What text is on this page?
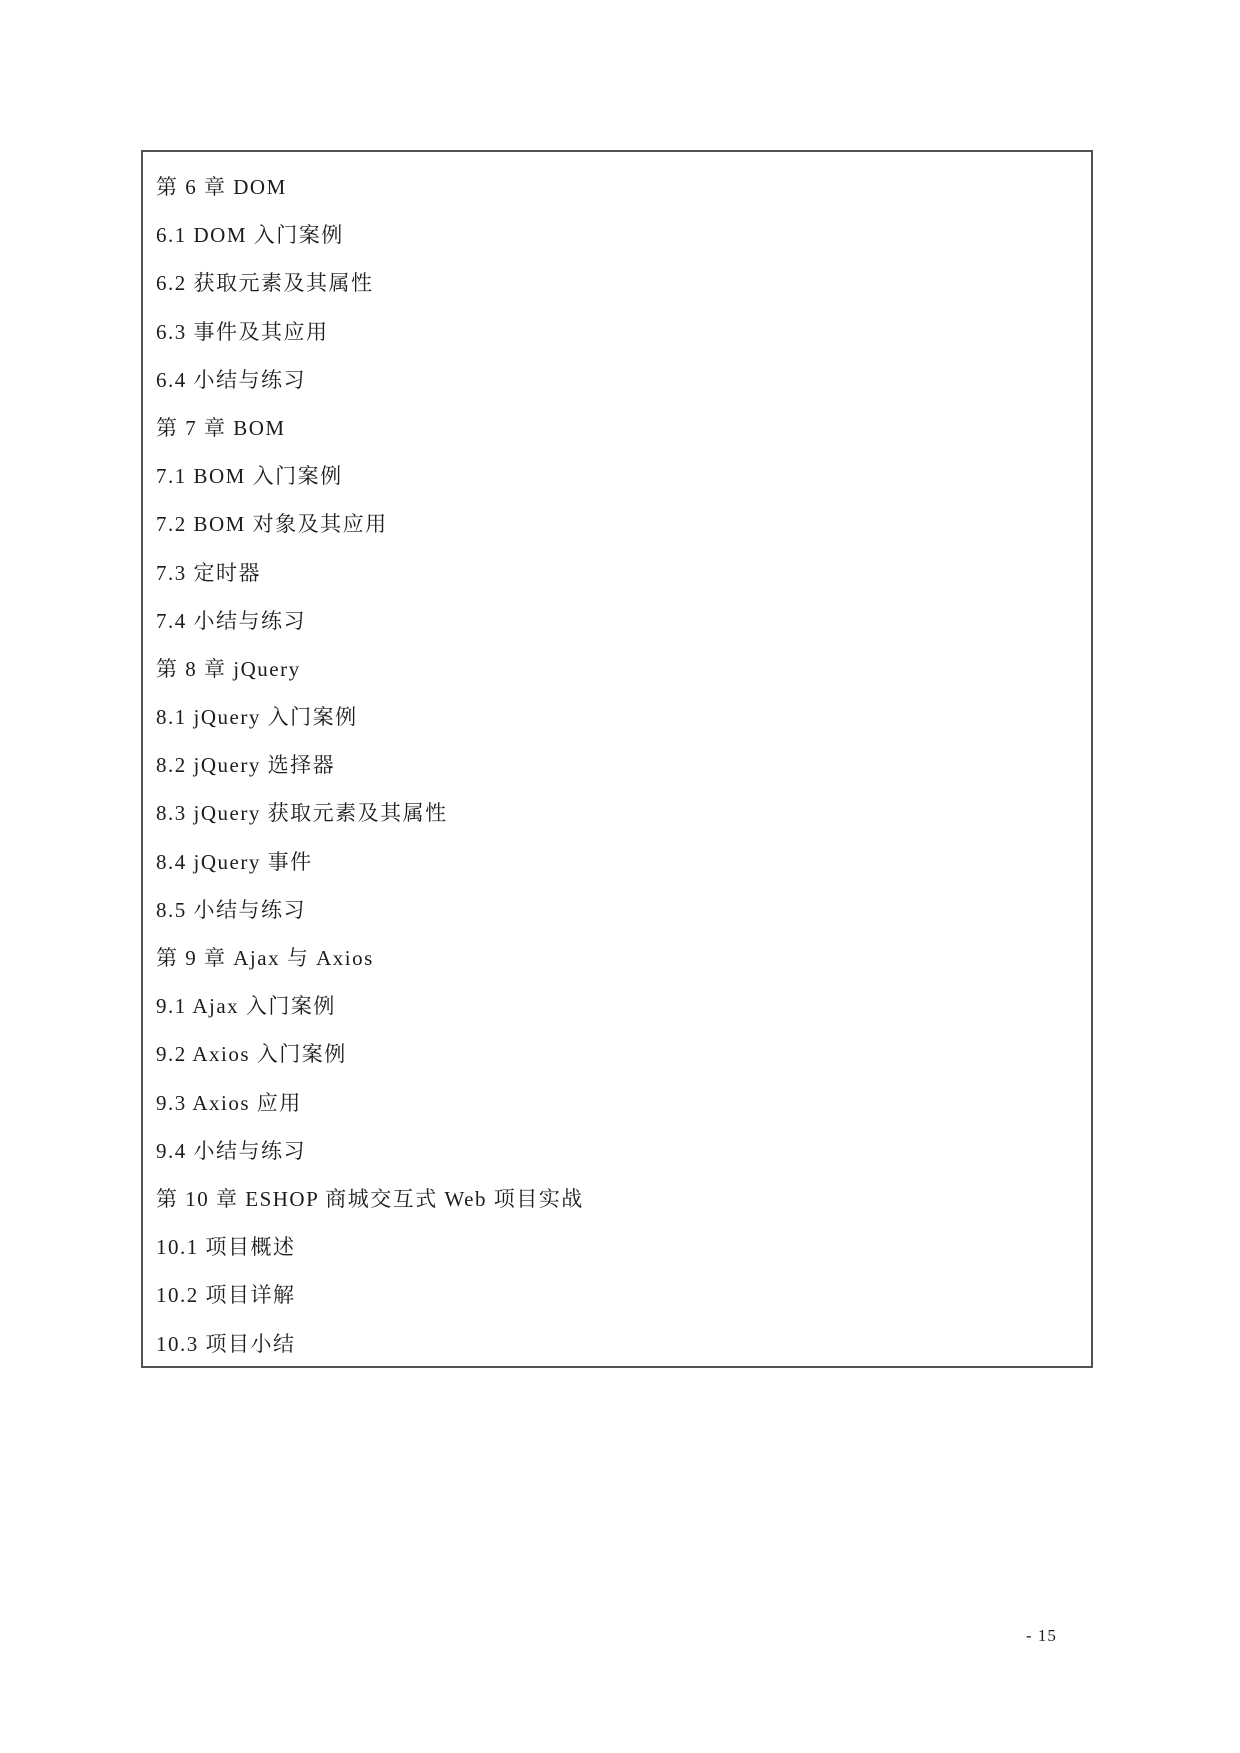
第 6 章 DOM
6.1 DOM 入门案例
6.2 获取元素及其属性
6.3 事件及其应用
6.4 小结与练习
第 7 章 BOM
7.1 BOM 入门案例
7.2 BOM 对象及其应用
7.3 定时器
7.4 小结与练习
第 8 章 jQuery
8.1 jQuery 入门案例
8.2 jQuery 选择器
8.3 jQuery 获取元素及其属性
8.4 jQuery 事件
8.5 小结与练习
第 9 章 Ajax 与 Axios
9.1 Ajax 入门案例
9.2 Axios 入门案例
9.3 Axios 应用
9.4 小结与练习
第 10 章 ESHOP 商城交互式 Web 项目实战
10.1 项目概述
10.2 项目详解
10.3 项目小结
- 15
